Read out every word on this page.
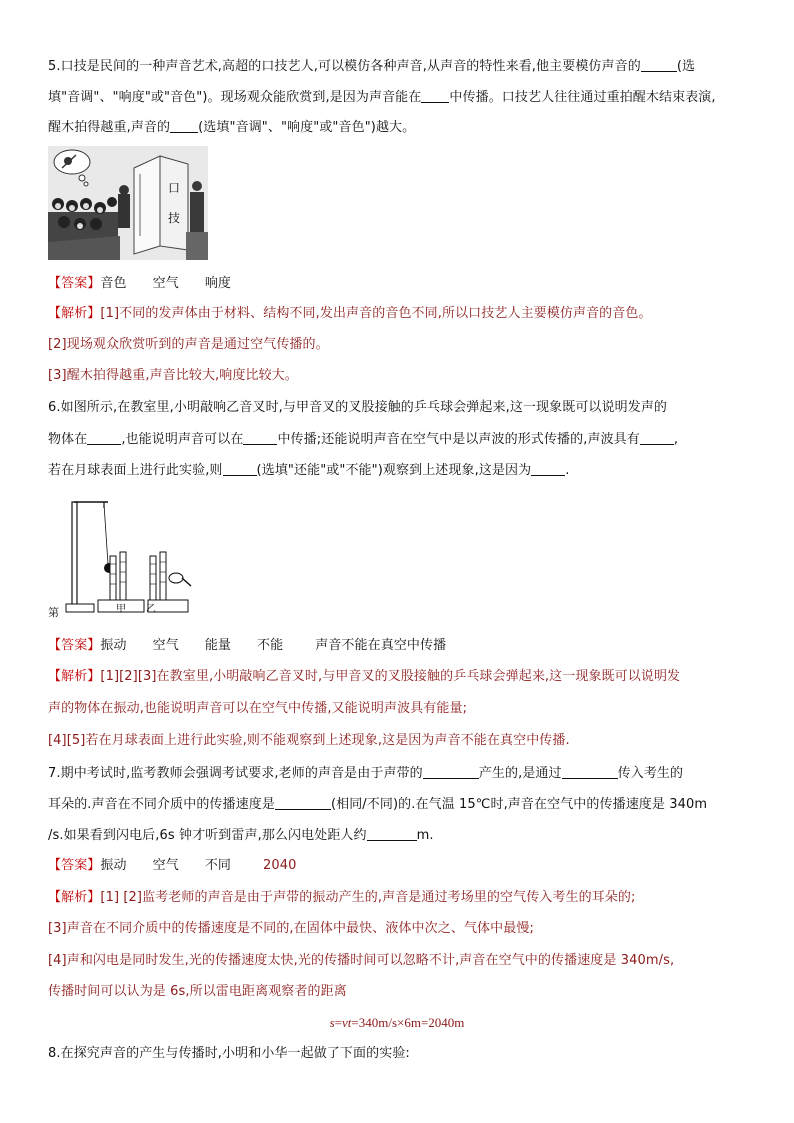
5.口技是民间的一种声音艺术,高超的口技艺人,可以模仿各种声音,从声音的特性来看,他主要模仿声音的	(选
填"音调"、"响度"或"音色")。现场观众能欣赏到,是因为声音能在 中传播。口技艺人往往通过重拍醒木结束表演,
醒木拍得越重,声音的 (选填"音调"、"响度"或"音色")越大。
口
技
【答案】音色 空气 响度
【解析】[1]不同的发声体由于材料、结构不同,发出声音的音色不同,所以口技艺人主要模仿声音的音色。
[2]现场观众欣赏听到的声音是通过空气传播的。
[3]醒木拍得越重,声音比较大,响度比较大。
6.如图所示,在教室里,小明敲响乙音叉时,与甲音叉的叉股接触的乒乓球会弹起来,这一现象既可以说明发声的
物体在	,也能说明声音可以在	中传播;还能说明声音在空气中是以声波的形式传播的,声波具有	,
若在月球表面上进行此实验,则	(选填"还能"或"不能")观察到上述现象,这是因为	.
第	甲 乙
【答案】振动 空气 能量 不能 声音不能在真空中传播
【解析】[1][2][3]在教室里,小明敲响乙音叉时,与甲音叉的叉股接触的乒乓球会弹起来,这一现象既可以说明发
声的物体在振动,也能说明声音可以在空气中传播,又能说明声波具有能量;
[4][5]若在月球表面上进行此实验,则不能观察到上述现象,这是因为声音不能在真空中传播.
7.期中考试时,监考教师会强调考试要求,老师的声音是由于声带的	产生的,是通过	传入考生的
耳朵的.声音在不同介质中的传播速度是	(相同/不同)的.在气温 15℃时,声音在空气中的传播速度是 340m
/s.如果看到闪电后,6s 钟才听到雷声,那么闪电处距人约	m.
【答案】振动 空气 不同 2040
【解析】[1] [2]监考老师的声音是由于声带的振动产生的,声音是通过考场里的空气传入考生的耳朵的;
[3]声音在不同介质中的传播速度是不同的,在固体中最快、液体中次之、气体中最慢;
[4]声和闪电是同时发生,光的传播速度太快,光的传播时间可以忽略不计,声音在空气中的传播速度是 340m/s,
传播时间可以认为是 6s,所以雷电距离观察者的距离
s=vt=340m/s×6m=2040m
8.在探究声音的产生与传播时,小明和小华一起做了下面的实验:
